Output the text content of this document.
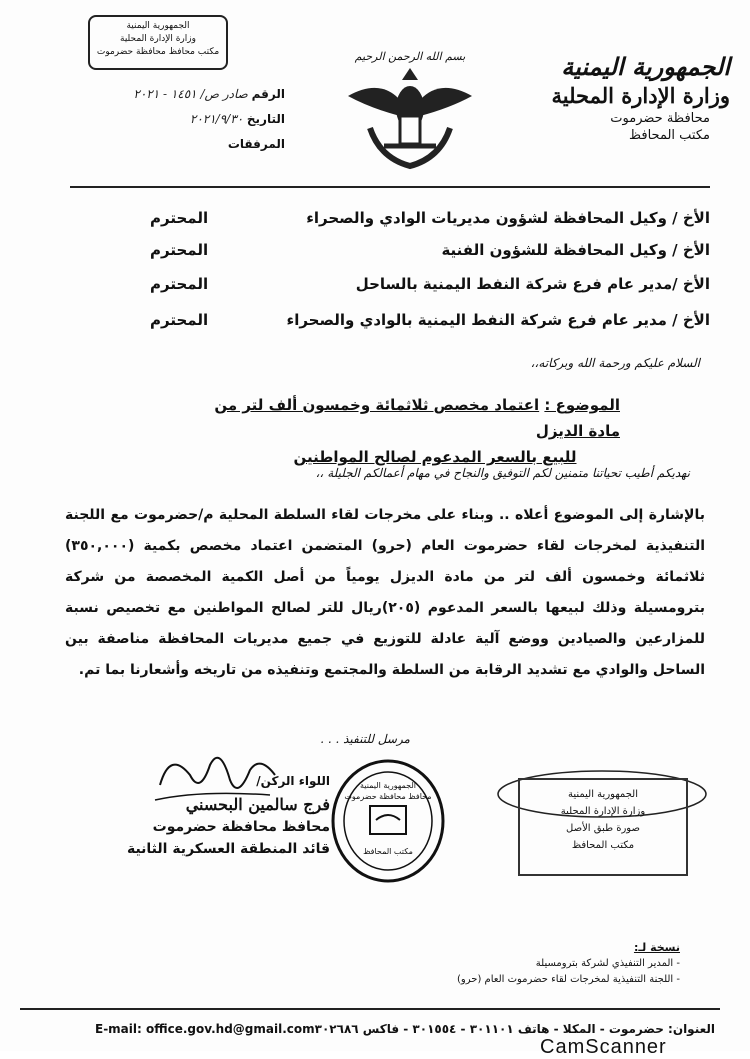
الجمهورية اليمنية
وزارة الإدارة المحلية
محافظة حضرموت
مكتب المحافظ
بسم الله الرحمن الرحيم
الجمهورية اليمنية
وزارة الإدارة المحلية
مكتب محافظ محافظة حضرموت
الرقم صادر ص/ ١٤٥١ - ٢٠٢١
التاريخ ٢٠٢١/٩/٣٠
المرفقات
الأخ / وكيل المحافظة لشؤون مديريات الوادي والصحراء
المحترم
الأخ / وكيل المحافظة للشؤون الفنية
المحترم
الأخ /مدير عام فرع شركة النفط اليمنية بالساحل
المحترم
الأخ / مدير عام فرع شركة النفط اليمنية بالوادي والصحراء
المحترم
السلام عليكم ورحمة الله وبركاته،،
الموضوع : اعتماد مخصص ثلاثمائة وخمسون ألف لتر من مادة الديزل
للبيع بالسعر المدعوم لصالح المواطنين
نهديكم أطيب تحياتنا متمنين لكم التوفيق والنجاح في مهام أعمالكم الجليلة ،،
بالإشارة إلى الموضوع أعلاه .. وبناء على مخرجات لقاء السلطة المحلية م/حضرموت مع اللجنة التنفيذية لمخرجات لقاء حضرموت العام (حرو) المتضمن اعتماد مخصص بكمية (٣٥٠,٠٠٠) ثلاثمائة وخمسون ألف لتر من مادة الديزل يومياً من أصل الكمية المخصصة من شركة بترومسيلة وذلك لبيعها بالسعر المدعوم (٢٠٥)ريال للتر لصالح المواطنين مع تخصيص نسبة للمزارعين والصيادين ووضع آلية عادلة للتوزيع في جميع مديريات المحافظة مناصفة بين الساحل والوادي مع تشديد الرقابة من السلطة والمجتمع وتنفيذه من تاريخه وأشعارنا بما تم.
مرسل للتنفيذ . . .
اللواء الركن/
فرج سالمين البحسني
محافظ محافظة حضرموت
قائد المنطقة العسكرية الثانية
الجمهورية اليمنية
محافظ محافظة حضرموت
مكتب المحافظ
الجمهورية اليمنية
وزارة الإدارة المحلية
صورة طبق الأصل
مكتب المحافظ
نسخة لـ:
- المدير التنفيذي لشركة بترومسيلة
- اللجنة التنفيذية لمخرجات لقاء حضرموت العام (حرو)
العنوان: حضرموت - المكلا - هاتف ٣٠١١٠١ - ٣٠١٥٥٤ - فاكس ٣٠٢٦٨٦
E-mail: office.gov.hd@gmail.com
CamScanner
